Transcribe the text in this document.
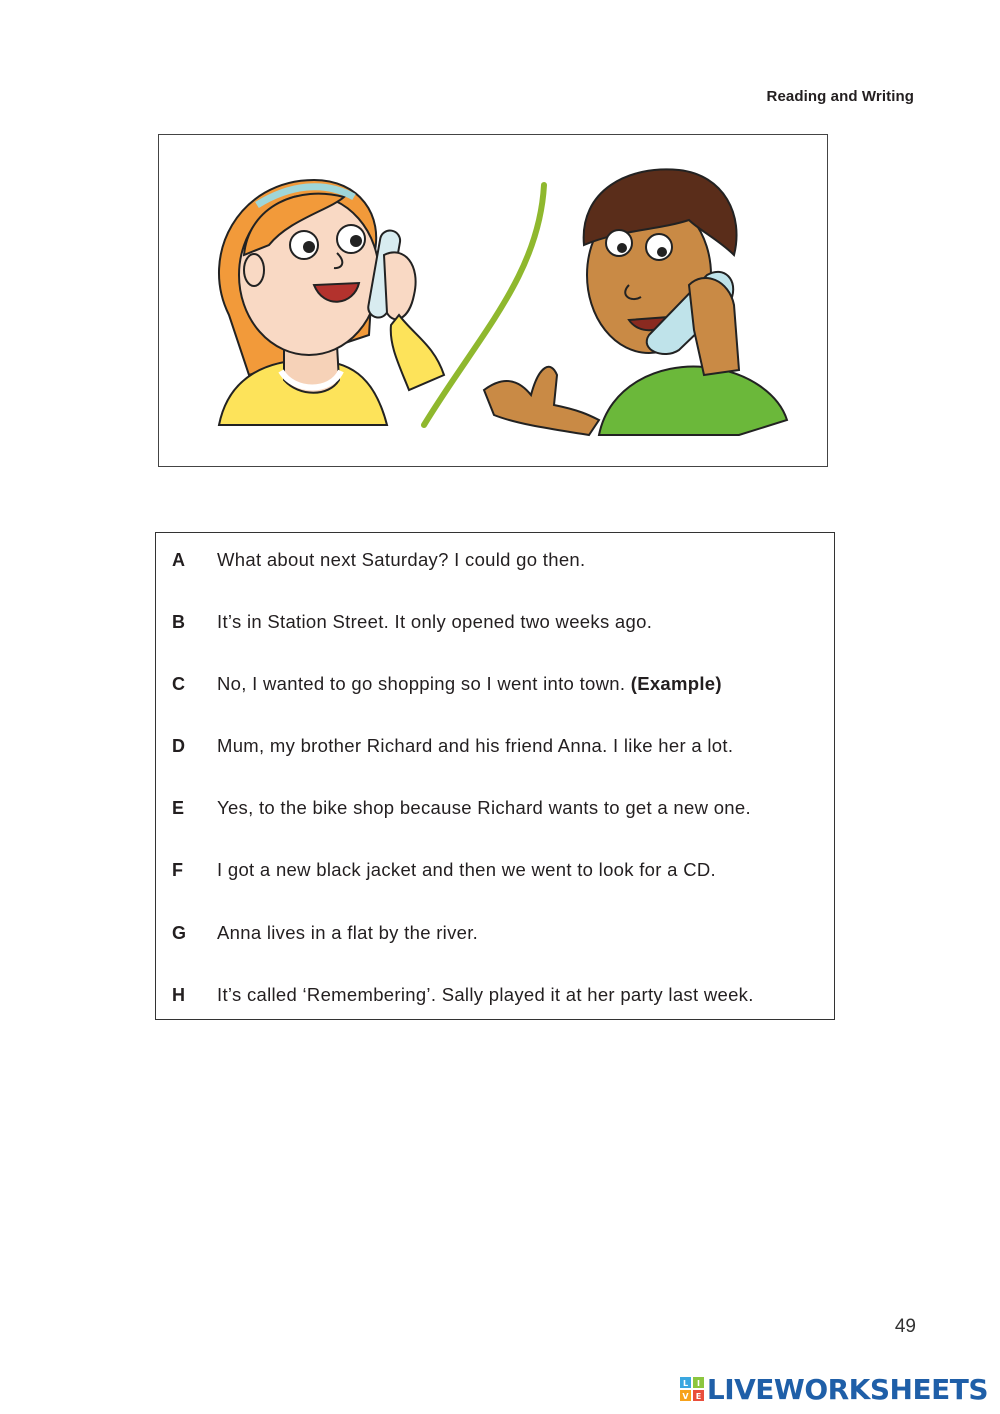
Reading and Writing
A	What about next Saturday? I could go then.
B	It’s in Station Street. It only opened two weeks ago.
C	No, I wanted to go shopping so I went into town. (Example)
D	Mum, my brother Richard and his friend Anna. I like her a lot.
E	Yes, to the bike shop because Richard wants to get a new one.
F	I got a new black jacket and then we went to look for a CD.
G	Anna lives in a flat by the river.
H	It’s called ‘Remembering’. Sally played it at her party last week.
49
L I
V E LIVEWORKSHEETS
